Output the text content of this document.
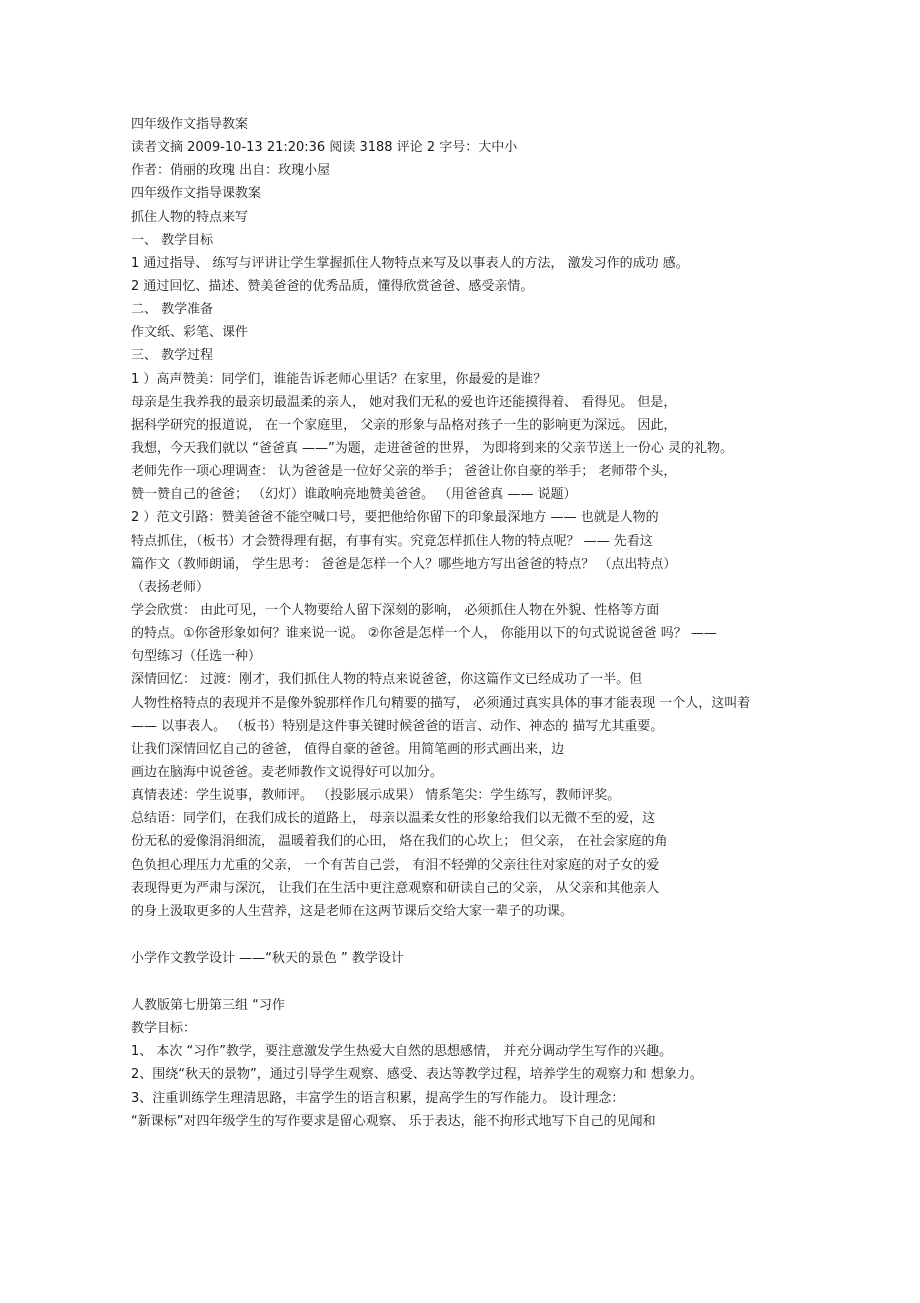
四年级作文指导教案
读者文摘 2009-10-13 21:20:36 阅读 3188 评论 2 字号：大中小
作者：俏丽的玫瑰 出自：玫瑰小屋
四年级作文指导课教案
抓住人物的特点来写
一、 教学目标
1 通过指导、 练写与评讲让学生掌握抓住人物特点来写及以事表人的方法， 激发习作的成功 感。
2 通过回忆、描述、赞美爸爸的优秀品质，懂得欣赏爸爸、感受亲情。
二、 教学准备
作文纸、彩笔、课件
三、 教学过程
1 ）高声赞美：同学们，谁能告诉老师心里话？在家里，你最爱的是谁？
母亲是生我养我的最亲切最温柔的亲人， 她对我们无私的爱也许还能摸得着、 看得见。 但是，
据科学研究的报道说， 在一个家庭里， 父亲的形象与品格对孩子一生的影响更为深远。 因此，
我想，今天我们就以 “爸爸真 ——”为题，走进爸爸的世界， 为即将到来的父亲节送上一份心 灵的礼物。
老师先作一项心理调查： 认为爸爸是一位好父亲的举手； 爸爸让你自豪的举手； 老师带个头，
赞一赞自己的爸爸； （幻灯）谁敢响亮地赞美爸爸。 （用爸爸真 —— 说题）
2 ）范文引路：赞美爸爸不能空喊口号，要把他给你留下的印象最深地方 —— 也就是人物的
特点抓住，（板书）才会赞得理有据，有事有实。究竟怎样抓住人物的特点呢？ —— 先看这
篇作文（教师朗诵， 学生思考： 爸爸是怎样一个人？哪些地方写出爸爸的特点？ （点出特点）
（表扬老师）
学会欣赏： 由此可见，一个人物要给人留下深刻的影响， 必须抓住人物在外貌、性格等方面
的特点。①你爸形象如何？谁来说一说。 ②你爸是怎样一个人， 你能用以下的句式说说爸爸 吗？ ——
句型练习（任选一种）
深情回忆： 过渡：刚才，我们抓住人物的特点来说爸爸，你这篇作文已经成功了一半。但
人物性格特点的表现并不是像外貌那样作几句精要的描写， 必须通过真实具体的事才能表现 一个人，这叫着
—— 以事表人。 （板书）特别是这件事关键时候爸爸的语言、动作、神态的 描写尤其重要。
让我们深情回忆自己的爸爸， 值得自豪的爸爸。用简笔画的形式画出来，边
画边在脑海中说爸爸。麦老师教作文说得好可以加分。
真情表述：学生说事，教师评。 （投影展示成果） 情系笔尖：学生练写，教师评奖。
总结语：同学们，在我们成长的道路上， 母亲以温柔女性的形象给我们以无微不至的爱，这
份无私的爱像涓涓细流， 温暖着我们的心田， 烙在我们的心坎上； 但父亲， 在社会家庭的角
色负担心理压力尤重的父亲， 一个有苦自己尝， 有泪不轻弹的父亲往往对家庭的对子女的爱
表现得更为严肃与深沉， 让我们在生活中更注意观察和研读自己的父亲， 从父亲和其他亲人
的身上汲取更多的人生营养，这是老师在这两节课后交给大家一辈子的功课。
小学作文教学设计 ——“秋天的景色 ” 教学设计
人教版第七册第三组 “习作
教学目标：
1、 本次 “习作”教学，要注意激发学生热爱大自然的思想感情， 并充分调动学生写作的兴趣。
2、围绕“秋天的景物”，通过引导学生观察、感受、表达等教学过程，培养学生的观察力和 想象力。
3、注重训练学生理清思路，丰富学生的语言积累，提高学生的写作能力。 设计理念：
“新课标”对四年级学生的写作要求是留心观察、 乐于表达，能不拘形式地写下自己的见闻和
